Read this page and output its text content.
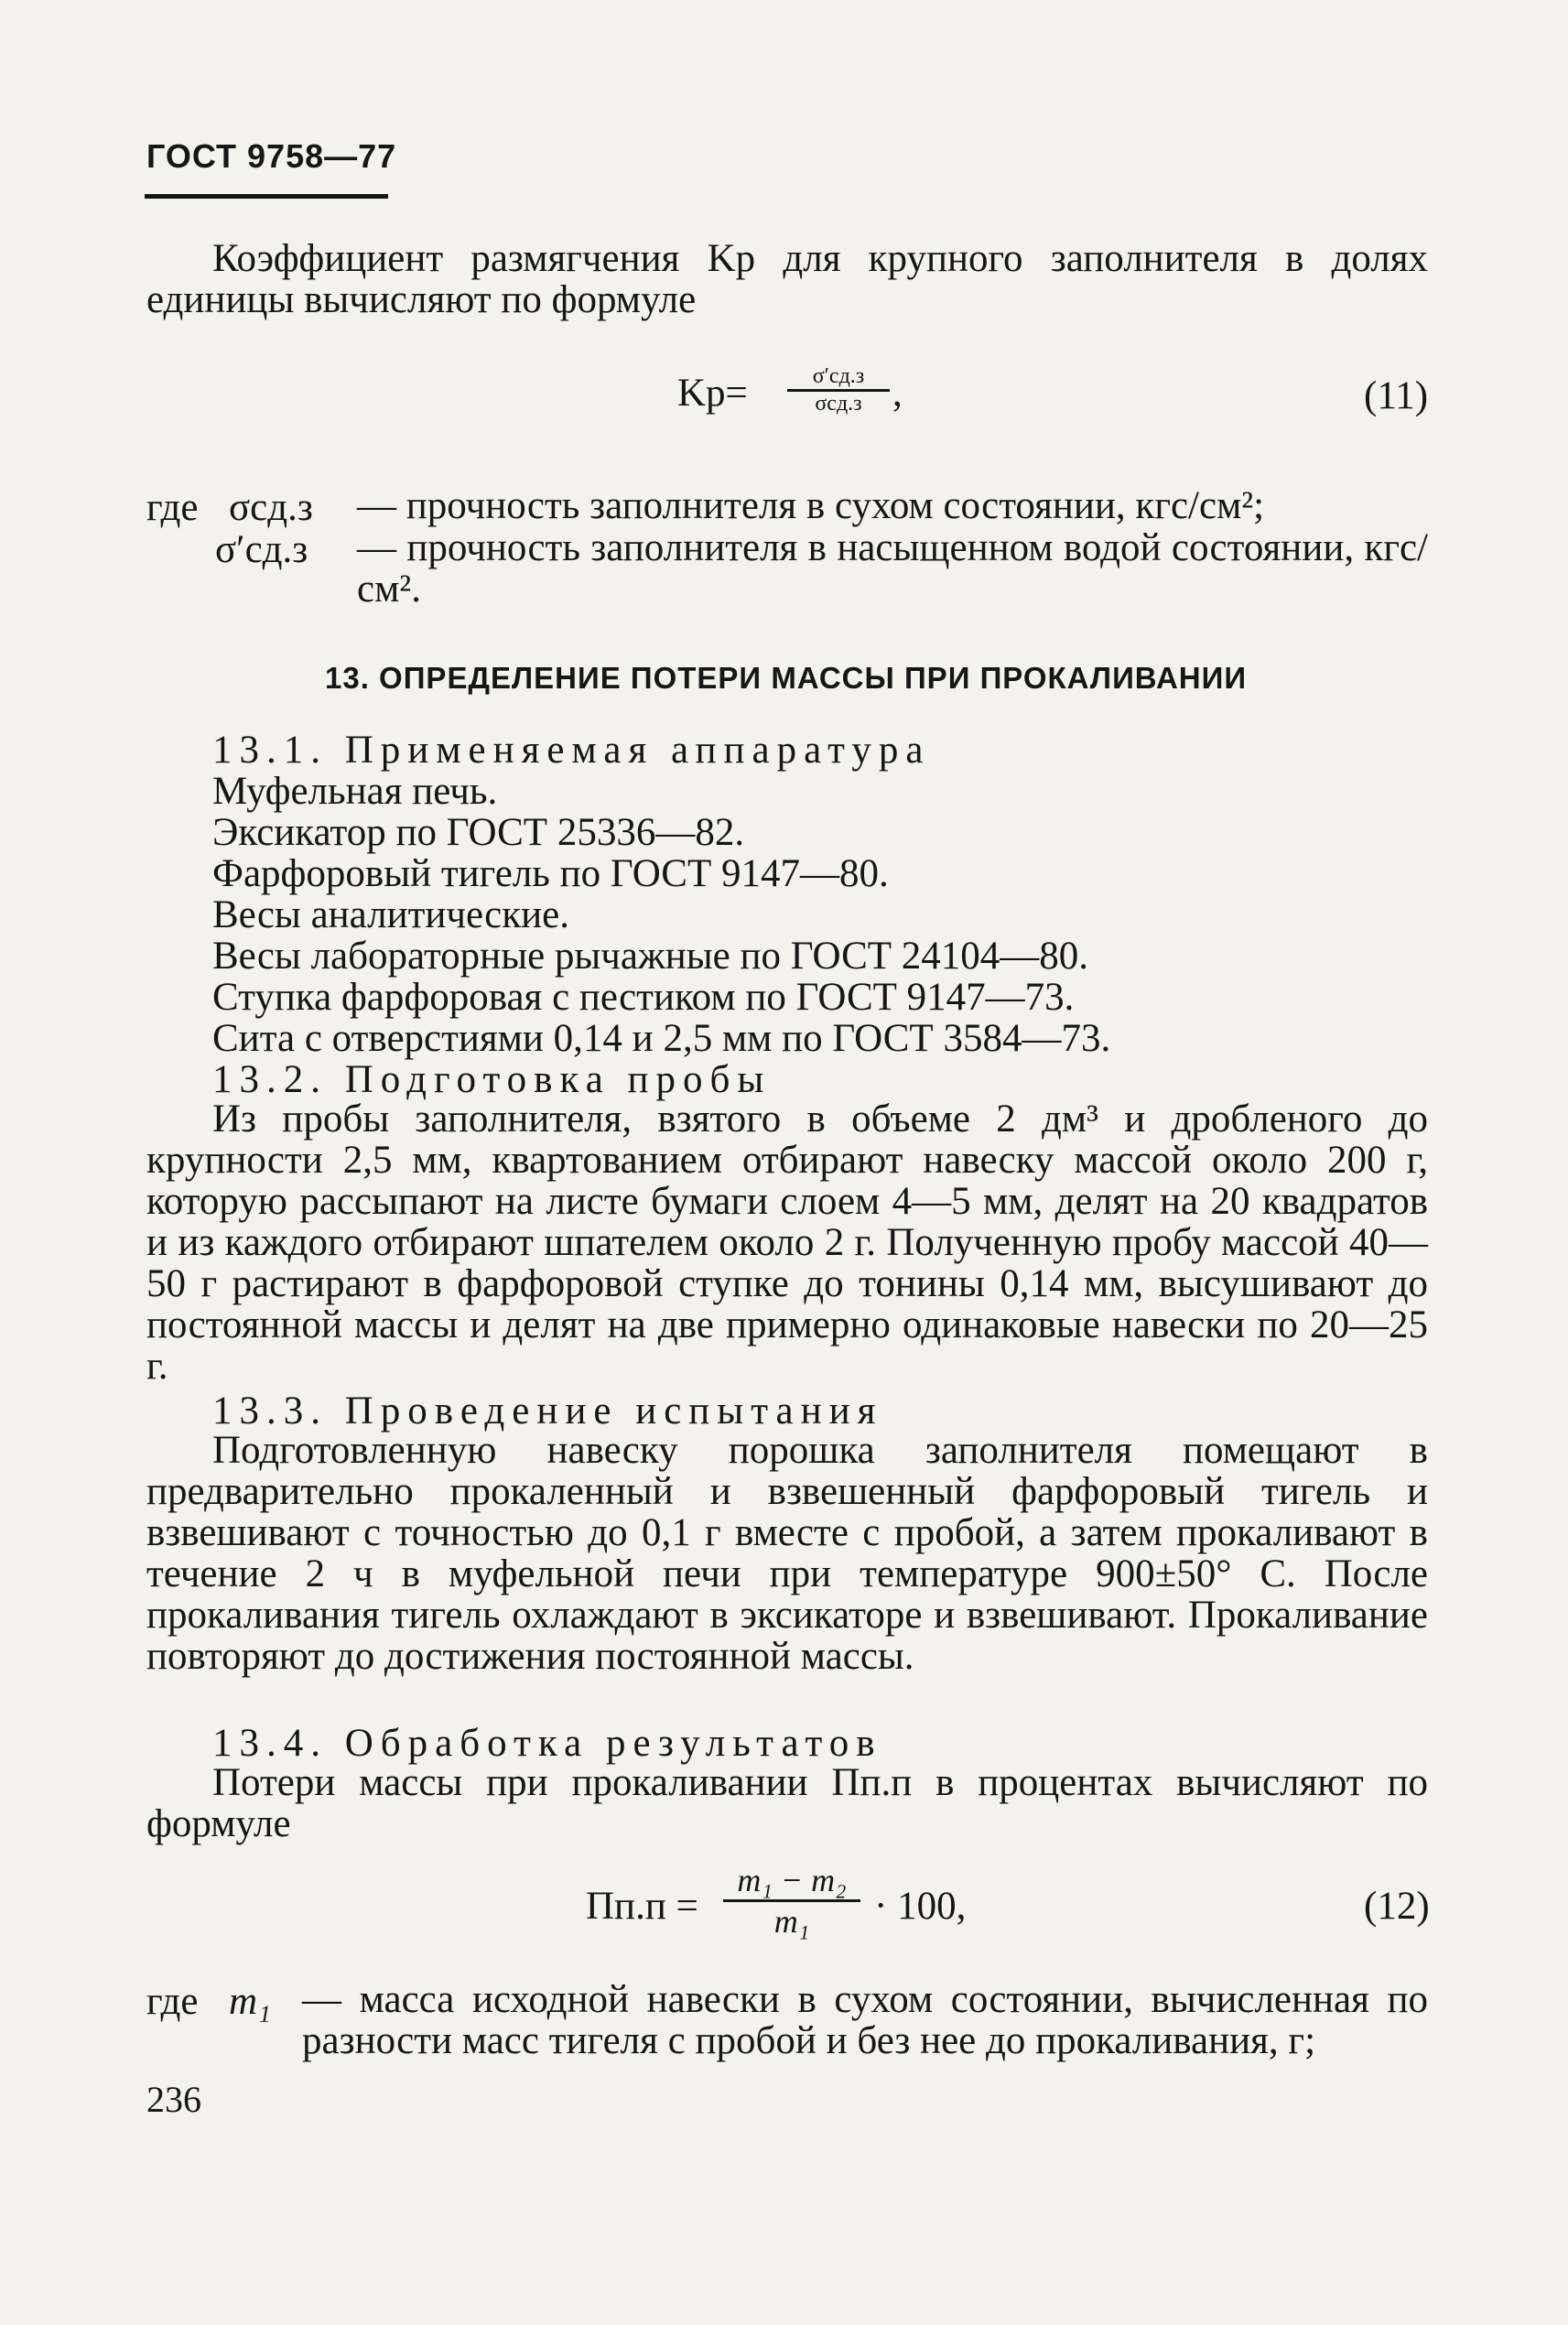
ГОСТ 9758—77
Коэффициент размягчения Kр для крупного заполнителя в долях единицы вычисляют по формуле
Kр=	σ′сд.з
σсд.з ,	(11)
где σсд.з — прочность заполнителя в сухом состоянии, кгс/см²;
σ′сд.з — прочность заполнителя в насыщенном водой состоянии, кгс/см².
13. ОПРЕДЕЛЕНИЕ ПОТЕРИ МАССЫ ПРИ ПРОКАЛИВАНИИ
13.1. Применяемая аппаратура
Муфельная печь.
Эксикатор по ГОСТ 25336—82.
Фарфоровый тигель по ГОСТ 9147—80.
Весы аналитические.
Весы лабораторные рычажные по ГОСТ 24104—80.
Ступка фарфоровая с пестиком по ГОСТ 9147—73.
Сита с отверстиями 0,14 и 2,5 мм по ГОСТ 3584—73.
13.2. Подготовка пробы
Из пробы заполнителя, взятого в объеме 2 дм³ и дробленого до крупности 2,5 мм, квартованием отбирают навеску массой около 200 г, которую рассыпают на листе бумаги слоем 4—5 мм, делят на 20 квадратов и из каждого отбирают шпателем около 2 г. Полученную пробу массой 40—50 г растирают в фарфоровой ступке до тонины 0,14 мм, высушивают до постоянной массы и делят на две примерно одинаковые навески по 20—25 г.
13.3. Проведение испытания
Подготовленную навеску порошка заполнителя помещают в предварительно прокаленный и взвешенный фарфоровый тигель и взвешивают с точностью до 0,1 г вместе с пробой, а затем прокаливают в течение 2 ч в муфельной печи при температуре 900±50° С. После прокаливания тигель охлаждают в эксикаторе и взвешивают. Прокаливание повторяют до достижения постоянной массы.
13.4. Обработка результатов
Потери массы при прокаливании Пп.п в процентах вычисляют по формуле
Пп.п =
m₁ − m₂
m₁	· 100,	(12)
где m₁ — масса исходной навески в сухом состоянии, вычисленная по разности масс тигеля с пробой и без нее до прокаливания, г;
236
